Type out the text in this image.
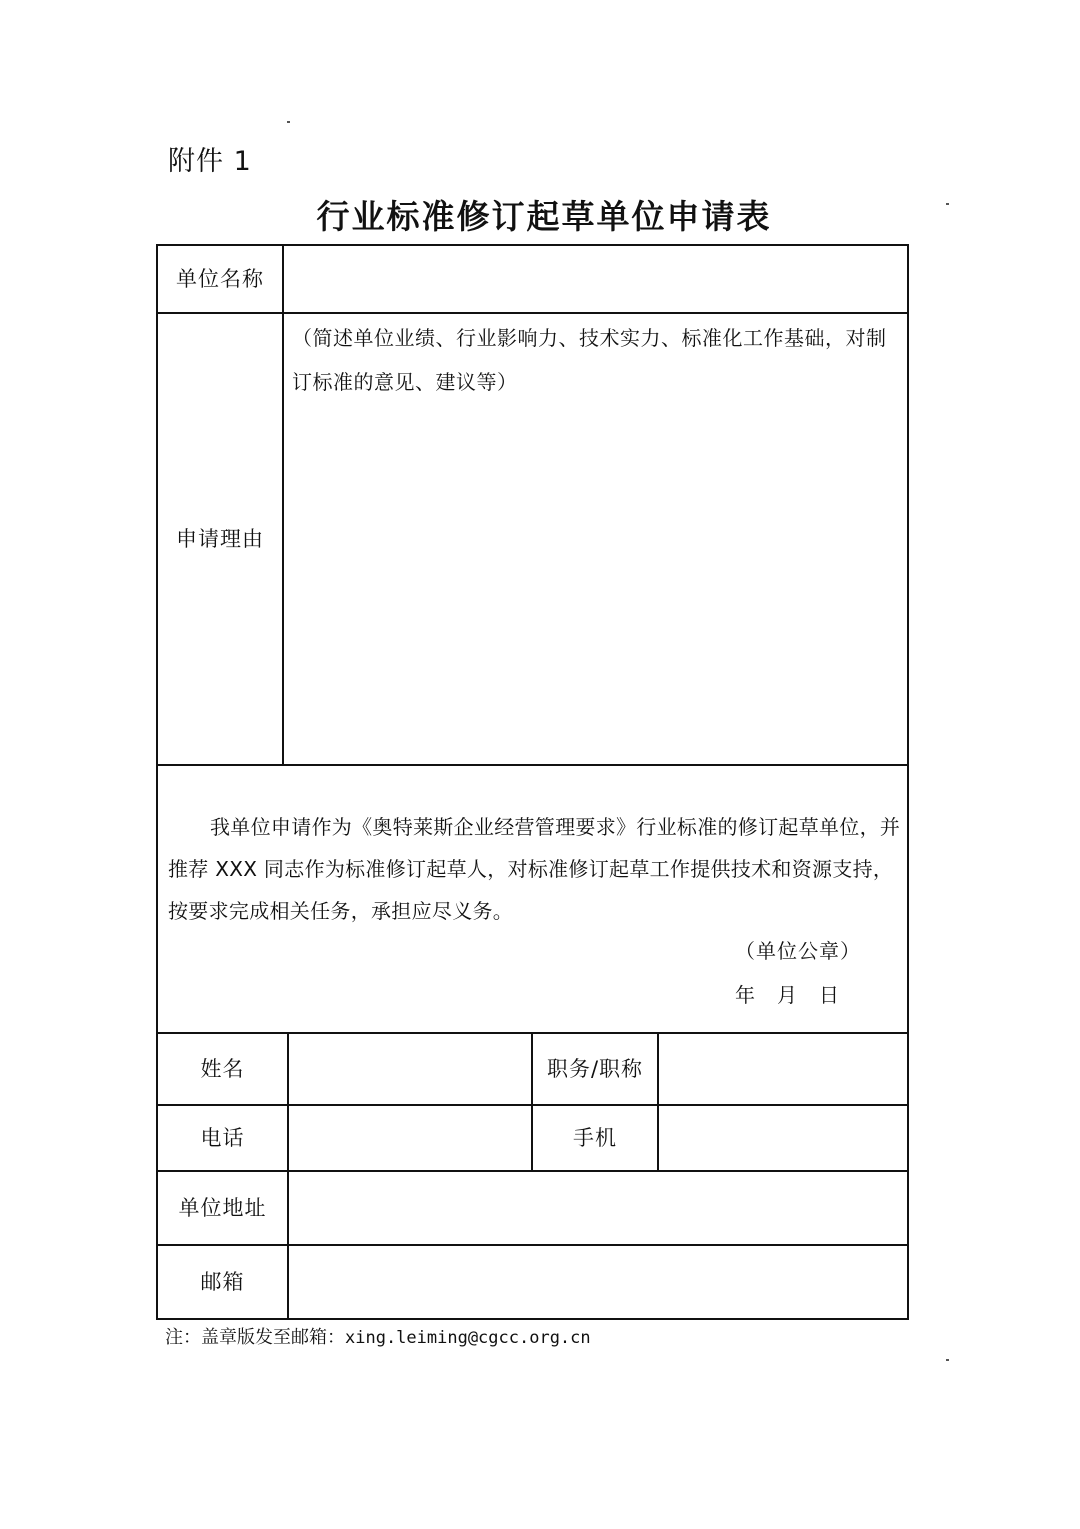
附件 1
行业标准修订起草单位申请表
单位名称
申请理由
（简述单位业绩、行业影响力、技术实力、标准化工作基础，对制订标准的意见、建议等）
我单位申请作为《奥特莱斯企业经营管理要求》行业标准的修订起草单位，并推荐 XXX 同志作为标准修订起草人，对标准修订起草工作提供技术和资源支持，按要求完成相关任务，承担应尽义务。
（单位公章）
年 月 日
姓名	职务/职称
电话	手机
单位地址
邮箱
注：盖章版发至邮箱：xing.leiming@cgcc.org.cn
